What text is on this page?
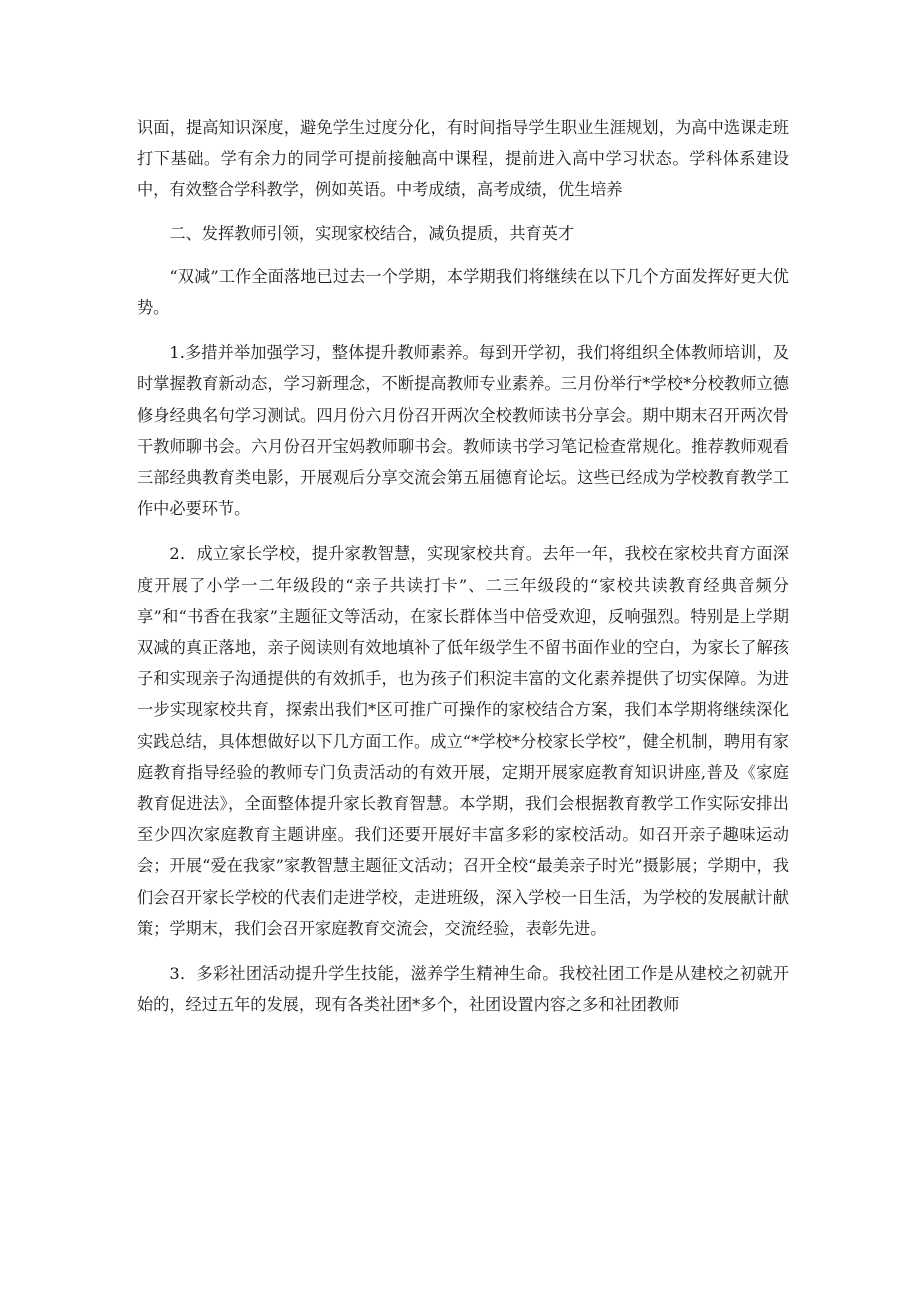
识面，提高知识深度，避免学生过度分化，有时间指导学生职业生涯规划，为高中选课走班打下基础。学有余力的同学可提前接触高中课程，提前进入高中学习状态。学科体系建设中，有效整合学科教学，例如英语。中考成绩，高考成绩，优生培养

二、发挥教师引领，实现家校结合，减负提质，共育英才

“双减”工作全面落地已过去一个学期，本学期我们将继续在以下几个方面发挥好更大优势。

1.多措并举加强学习，整体提升教师素养。每到开学初，我们将组织全体教师培训，及时掌握教育新动态，学习新理念，不断提高教师专业素养。三月份举行*学校*分校教师立德修身经典名句学习测试。四月份六月份召开两次全校教师读书分享会。期中期末召开两次骨干教师聊书会。六月份召开宝妈教师聊书会。教师读书学习笔记检查常规化。推荐教师观看三部经典教育类电影，开展观后分享交流会第五届德育论坛。这些已经成为学校教育教学工作中必要环节。

2．成立家长学校，提升家教智慧，实现家校共育。去年一年，我校在家校共育方面深度开展了小学一二年级段的“亲子共读打卡”、二三年级段的“家校共读教育经典音频分享”和“书香在我家”主题征文等活动，在家长群体当中倍受欢迎，反响强烈。特别是上学期双减的真正落地，亲子阅读则有效地填补了低年级学生不留书面作业的空白，为家长了解孩子和实现亲子沟通提供的有效抓手，也为孩子们积淀丰富的文化素养提供了切实保障。为进一步实现家校共育，探索出我们*区可推广可操作的家校结合方案，我们本学期将继续深化实践总结，具体想做好以下几方面工作。成立“*学校*分校家长学校”，健全机制，聘用有家庭教育指导经验的教师专门负责活动的有效开展，定期开展家庭教育知识讲座,普及《家庭教育促进法》，全面整体提升家长教育智慧。本学期，我们会根据教育教学工作实际安排出至少四次家庭教育主题讲座。我们还要开展好丰富多彩的家校活动。如召开亲子趣味运动会；开展“爱在我家”家教智慧主题征文活动；召开全校“最美亲子时光”摄影展；学期中，我们会召开家长学校的代表们走进学校，走进班级，深入学校一日生活，为学校的发展献计献策；学期末，我们会召开家庭教育交流会，交流经验，表彰先进。

3．多彩社团活动提升学生技能，滋养学生精神生命。我校社团工作是从建校之初就开始的，经过五年的发展，现有各类社团*多个，社团设置内容之多和社团教师
